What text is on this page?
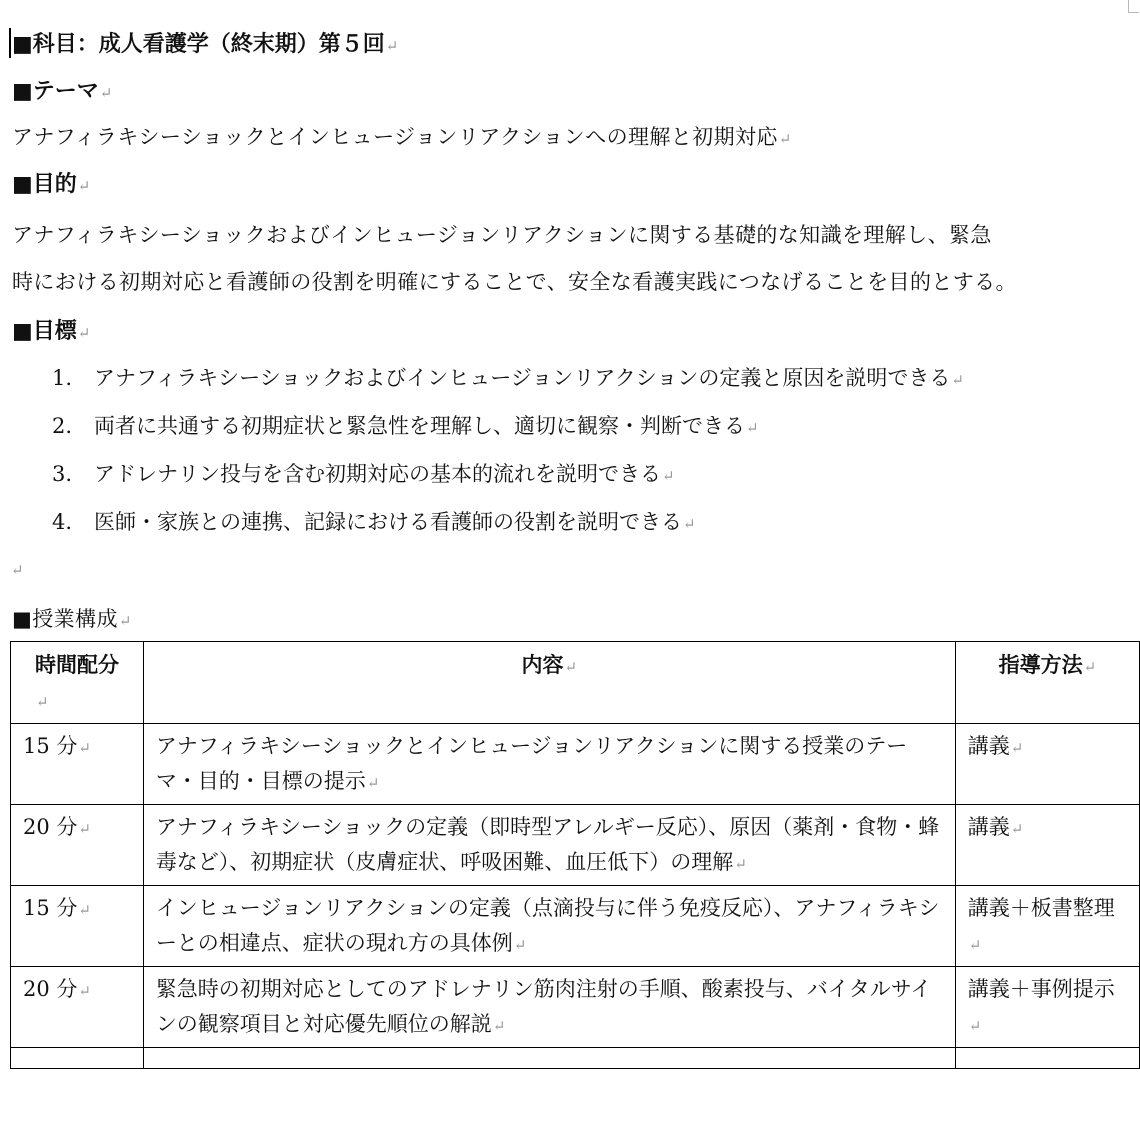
■科目：成人看護学（終末期）第５回↵
■テーマ↵
アナフィラキシーショックとインヒュージョンリアクションへの理解と初期対応↵
■目的↵
アナフィラキシーショックおよびインヒュージョンリアクションに関する基礎的な知識を理解し、緊急
時における初期対応と看護師の役割を明確にすることで、安全な看護実践につなげることを目的とする。
■目標↵
1. アナフィラキシーショックおよびインヒュージョンリアクションの定義と原因を説明できる↵
2. 両者に共通する初期症状と緊急性を理解し、適切に観察・判断できる↵
3. アドレナリン投与を含む初期対応の基本的流れを説明できる↵
4. 医師・家族との連携、記録における看護師の役割を説明できる↵
↵
■授業構成↵
時間配分↵	内容↵	指導方法↵
15 分↵	アナフィラキシーショックとインヒュージョンリアクションに関する授業のテーマ・目的・目標の提示↵	講義↵
20 分↵	アナフィラキシーショックの定義（即時型アレルギー反応）、原因（薬剤・食物・蜂毒など）、初期症状（皮膚症状、呼吸困難、血圧低下）の理解↵	講義↵
15 分↵	インヒュージョンリアクションの定義（点滴投与に伴う免疫反応）、アナフィラキシーとの相違点、症状の現れ方の具体例↵	講義＋板書整理↵
20 分↵	緊急時の初期対応としてのアドレナリン筋肉注射の手順、酸素投与、バイタルサインの観察項目と対応優先順位の解説↵	講義＋事例提示↵
